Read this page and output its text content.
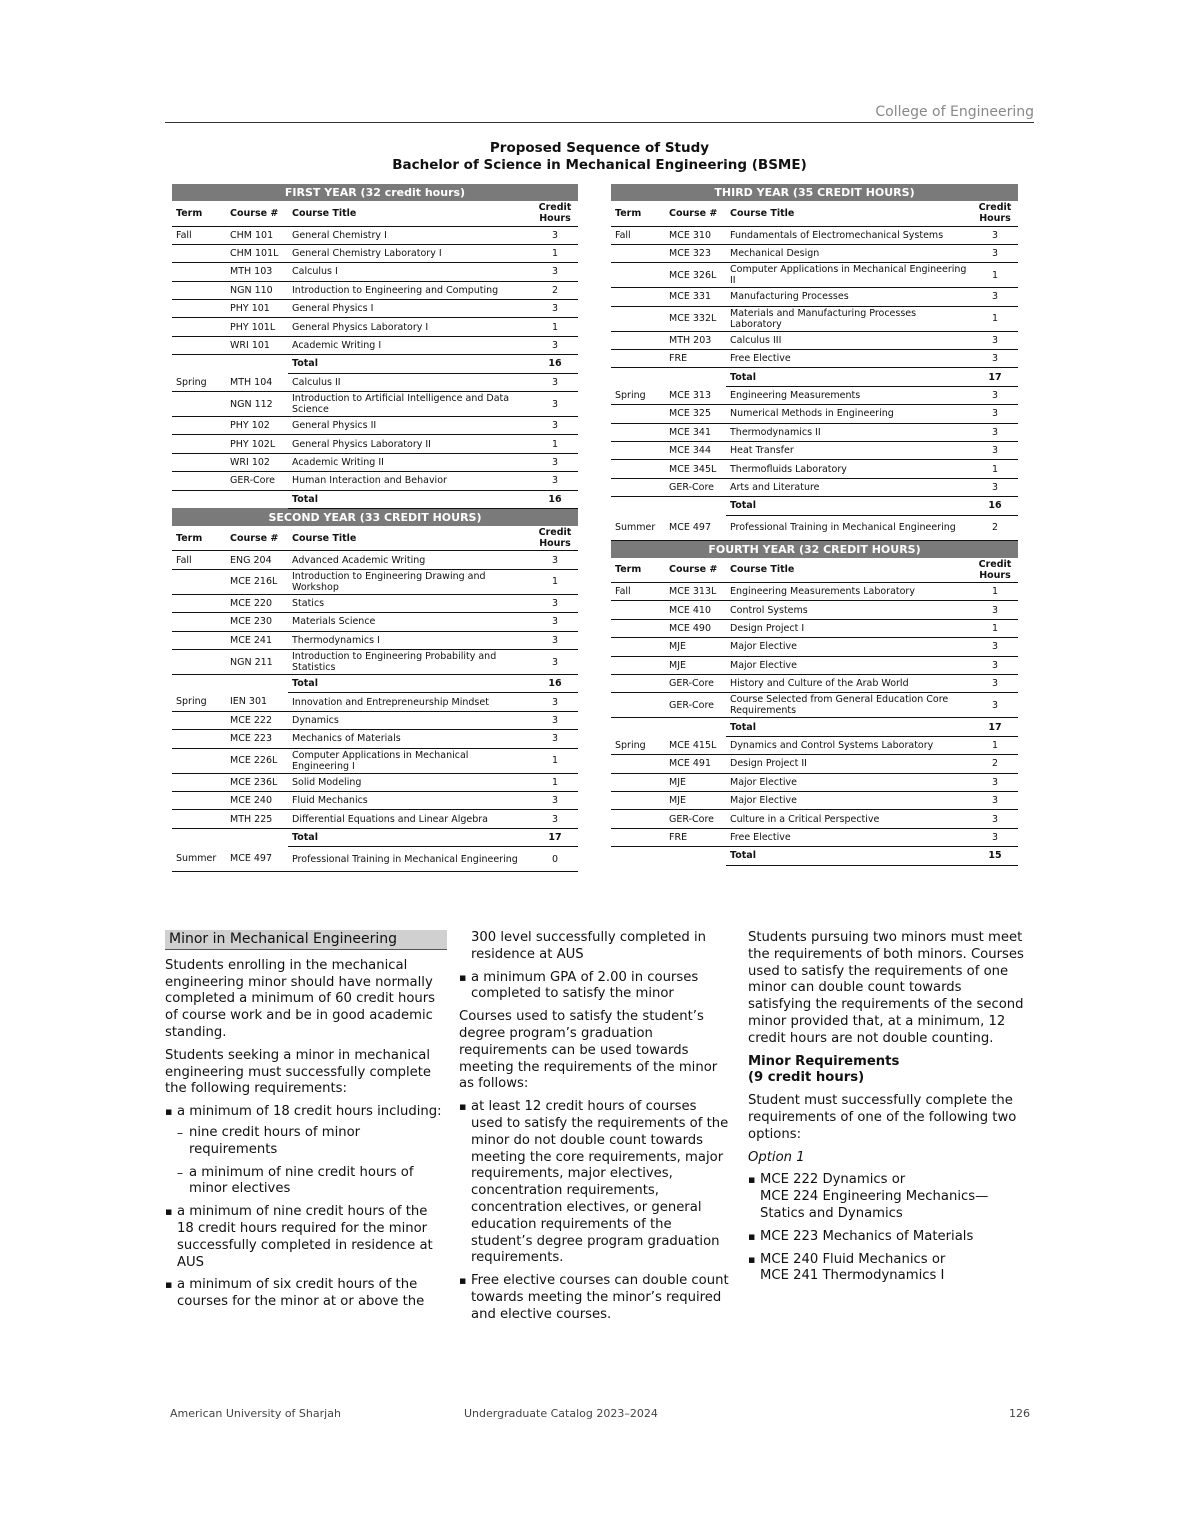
College of Engineering
Proposed Sequence of Study
Bachelor of Science in Mechanical Engineering (BSME)
FIRST YEAR (32 credit hours)			
Term	Course #	Course Title	Credit Hours
Fall	CHM 101	General Chemistry I	3
	CHM 101L	General Chemistry Laboratory I	1
	MTH 103	Calculus I	3
	NGN 110	Introduction to Engineering and Computing	2
	PHY 101	General Physics I	3
	PHY 101L	General Physics Laboratory I	1
	WRI 101	Academic Writing I	3
		Total	16
Spring	MTH 104	Calculus II	3
	NGN 112	Introduction to Artificial Intelligence and Data Science	3
	PHY 102	General Physics II	3
	PHY 102L	General Physics Laboratory II	1
	WRI 102	Academic Writing II	3
	GER-Core	Human Interaction and Behavior	3
		Total	16
SECOND YEAR (33 CREDIT HOURS)			
Term	Course #	Course Title	Credit Hours
Fall	ENG 204	Advanced Academic Writing	3
	MCE 216L	Introduction to Engineering Drawing and Workshop	1
	MCE 220	Statics	3
	MCE 230	Materials Science	3
	MCE 241	Thermodynamics I	3
	NGN 211	Introduction to Engineering Probability and Statistics	3
		Total	16
Spring	IEN 301	Innovation and Entrepreneurship Mindset	3
	MCE 222	Dynamics	3
	MCE 223	Mechanics of Materials	3
	MCE 226L	Computer Applications in Mechanical Engineering I	1
	MCE 236L	Solid Modeling	1
	MCE 240	Fluid Mechanics	3
	MTH 225	Differential Equations and Linear Algebra	3
		Total	17
Summer	MCE 497	Professional Training in Mechanical Engineering	0
THIRD YEAR (35 CREDIT HOURS)			
Term	Course #	Course Title	Credit Hours
Fall	MCE 310	Fundamentals of Electromechanical Systems	3
	MCE 323	Mechanical Design	3
	MCE 326L	Computer Applications in Mechanical Engineering II	1
	MCE 331	Manufacturing Processes	3
	MCE 332L	Materials and Manufacturing Processes Laboratory	1
	MTH 203	Calculus III	3
	FRE	Free Elective	3
		Total	17
Spring	MCE 313	Engineering Measurements	3
	MCE 325	Numerical Methods in Engineering	3
	MCE 341	Thermodynamics II	3
	MCE 344	Heat Transfer	3
	MCE 345L	Thermofluids Laboratory	1
	GER-Core	Arts and Literature	3
		Total	16
Summer	MCE 497	Professional Training in Mechanical Engineering	2
FOURTH YEAR (32 CREDIT HOURS)			
Term	Course #	Course Title	Credit Hours
Fall	MCE 313L	Engineering Measurements Laboratory	1
	MCE 410	Control Systems	3
	MCE 490	Design Project I	1
	MJE	Major Elective	3
	MJE	Major Elective	3
	GER-Core	History and Culture of the Arab World	3
	GER-Core	Course Selected from General Education Core Requirements	3
		Total	17
Spring	MCE 415L	Dynamics and Control Systems Laboratory	1
	MCE 491	Design Project II	2
	MJE	Major Elective	3
	MJE	Major Elective	3
	GER-Core	Culture in a Critical Perspective	3
	FRE	Free Elective	3
		Total	15
Minor in Mechanical Engineering

Students enrolling in the mechanical engineering minor should have normally completed a minimum of 60 credit hours of course work and be in good academic standing.

Students seeking a minor in mechanical engineering must successfully complete the following requirements:

▪ a minimum of 18 credit hours including:
– nine credit hours of minor requirements
– a minimum of nine credit hours of minor electives
▪ a minimum of nine credit hours of the 18 credit hours required for the minor successfully completed in residence at AUS
▪ a minimum of six credit hours of the courses for the minor at or above the
300 level successfully completed in residence at AUS
▪ a minimum GPA of 2.00 in courses completed to satisfy the minor

Courses used to satisfy the student’s degree program’s graduation requirements can be used towards meeting the requirements of the minor as follows:

▪ at least 12 credit hours of courses used to satisfy the requirements of the minor do not double count towards meeting the core requirements, major requirements, major electives, concentration requirements, concentration electives, or general education requirements of the student’s degree program graduation requirements.
▪ Free elective courses can double count towards meeting the minor’s required and elective courses.

Students pursuing two minors must meet the requirements of both minors. Courses used to satisfy the requirements of one minor can double count towards satisfying the requirements of the second minor provided that, at a minimum, 12 credit hours are not double counting.

Minor Requirements
(9 credit hours)

Student must successfully complete the requirements of one of the following two options:

Option 1

▪ MCE 222 Dynamics or
MCE 224 Engineering Mechanics—Statics and Dynamics
▪ MCE 223 Mechanics of Materials
▪ MCE 240 Fluid Mechanics or
MCE 241 Thermodynamics I
American University of Sharjah	Undergraduate Catalog 2023–2024	126
